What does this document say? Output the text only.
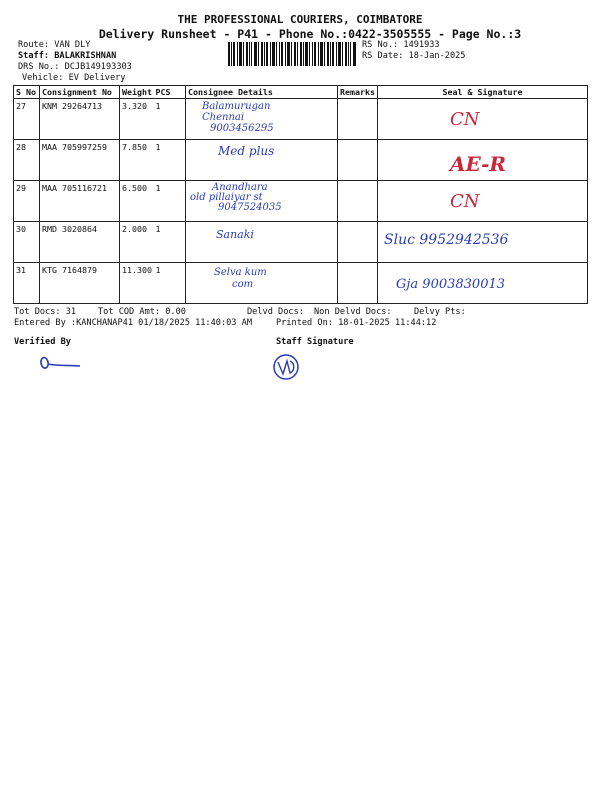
THE PROFESSIONAL COURIERS, COIMBATORE
Delivery Runsheet - P41 - Phone No.:0422-3505555 - Page No.:3
Route: VAN DLY
Staff: BALAKRISHNAN
DRS No.: DCJB149193303
Vehicle: EV Delivery
RS No.: 1491933
RS Date: 18-Jan-2025
S No	Consignment No	Weight	PCS	Consignee Details	Remarks	Seal & Signature
27	KNM 29264713	3.320	1	Balamurugan
Chennai
9003456295		CN

28	MAA 705997259	7.850	1	Med plus		AE-R

29	MAA 705116721	6.500	1	Anandhara
old pillaiyar st
9047524035		CN

30	RMD 3020864	2.000	1	Sanaki		Sluc 9952942536

31	KTG 7164879	11.300	1	Selva kum
com		Gja 9003830013
Tot Docs: 31	Tot COD Amt: 0.00	Delvd Docs: Non Delvd Docs:	Delvy Pts:
Entered By :KANCHANAP41 01/18/2025 11:40:03 AM	Printed On: 18-01-2025 11:44:12
Verified By	Staff Signature
